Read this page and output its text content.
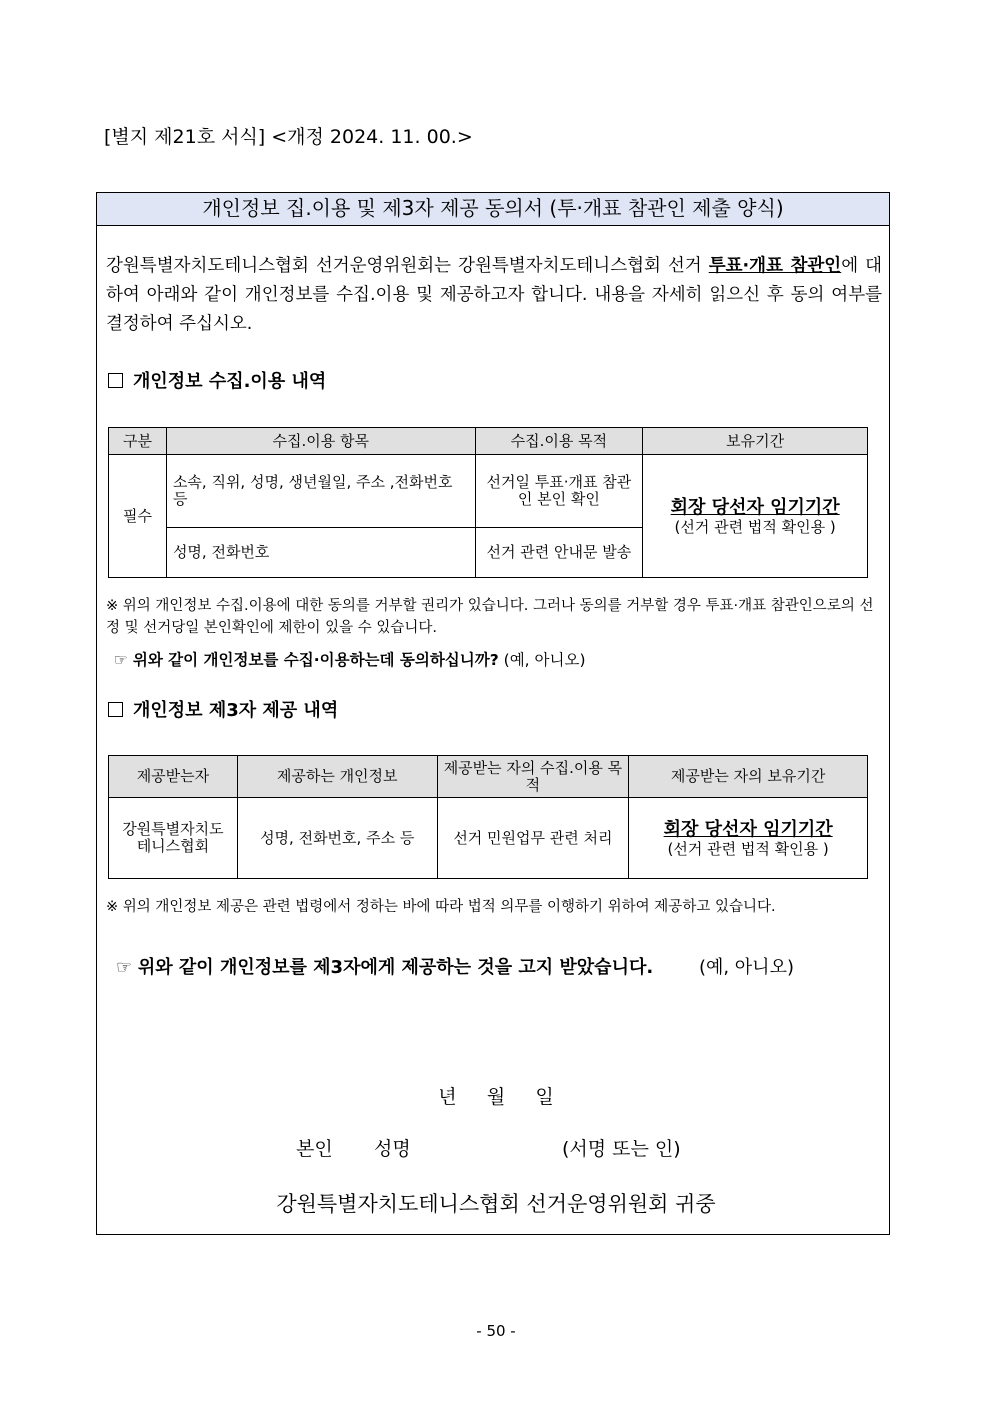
[별지 제21호 서식] <개정 2024. 11. 00.>
개인정보 집.이용 및 제3자 제공 동의서 (투·개표 참관인 제출 양식)
강원특별자치도테니스협회 선거운영위원회는 강원특별자치도테니스협회 선거 투표·개표 참관인에 대하여 아래와 같이 개인정보를 수집.이용 및 제공하고자 합니다. 내용을 자세히 읽으신 후 동의 여부를 결정하여 주십시오.
개인정보 수집.이용 내역
구분	수집.이용 항목	수집.이용 목적	보유기간
필수	소속, 직위, 성명, 생년월일, 주소 ,전화번호 등	선거일 투표·개표 참관인 본인 확인	회장 당선자 임기기간
(선거 관련 법적 확인용 )

	성명, 전화번호	선거 관련 안내문 발송	
※ 위의 개인정보 수집.이용에 대한 동의를 거부할 권리가 있습니다. 그러나 동의를 거부할 경우 투표·개표 참관인으로의 선정 및 선거당일 본인확인에 제한이 있을 수 있습니다.
☞ 위와 같이 개인정보를 수집·이용하는데 동의하십니까? (예, 아니오)
개인정보 제3자 제공 내역
제공받는자	제공하는 개인정보	제공받는 자의 수집.이용 목적	제공받는 자의 보유기간
강원특별자치도테니스협회	성명, 전화번호, 주소 등	선거 민원업무 관련 처리	회장 당선자 임기기간
(선거 관련 법적 확인용 )
※ 위의 개인정보 제공은 관련 법령에서 정하는 바에 따라 법적 의무를 이행하기 위하여 제공하고 있습니다.
☞ 위와 같이 개인정보를 제3자에게 제공하는 것을 고지 받았습니다.	(예, 아니오)
년     월     일
본인 성명	(서명 또는 인)
강원특별자치도테니스협회 선거운영위원회 귀중
- 50 -
